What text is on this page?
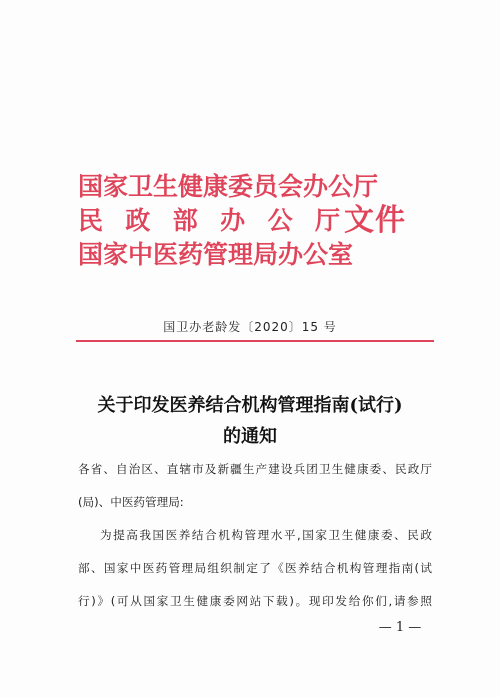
国家卫生健康委员会办公厅
民 政 部 办 公 厅
国家中医药管理局办公室
文件
国卫办老龄发〔2020〕15 号
关于印发医养结合机构管理指南(试行)
的通知
各省、自治区、直辖市及新疆生产建设兵团卫生健康委、民政厅
(局)、中医药管理局:
为提高我国医养结合机构管理水平,国家卫生健康委、民政
部、国家中医药管理局组织制定了《医养结合机构管理指南(试
行)》(可从国家卫生健康委网站下载)。现印发给你们,请参照
— 1 —
